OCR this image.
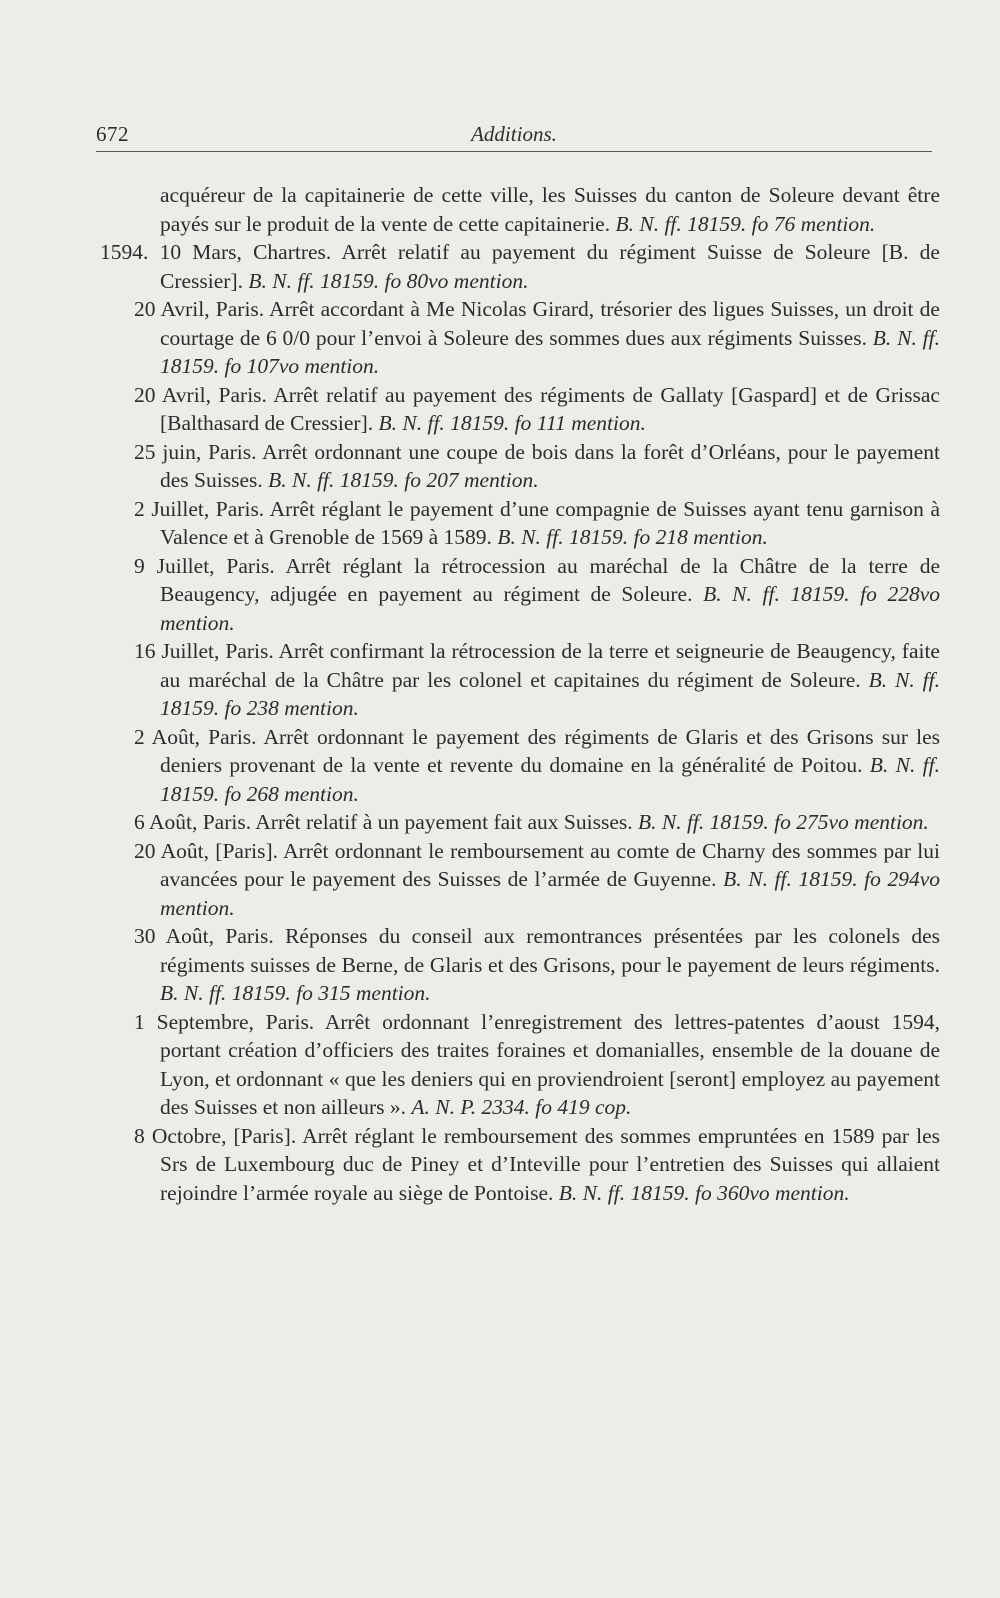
672	Additions.

acquéreur de la capitainerie de cette ville, les Suisses du canton de Soleure devant être payés sur le produit de la vente de cette capitainerie. B. N. ff. 18159. fo 76 mention.

1594. 10 Mars, Chartres. Arrêt relatif au payement du régiment Suisse de Soleure [B. de Cressier]. B. N. ff. 18159. fo 80vo mention.

20 Avril, Paris. Arrêt accordant à Me Nicolas Girard, trésorier des ligues Suisses, un droit de courtage de 6 0/0 pour l’envoi à Soleure des sommes dues aux régiments Suisses. B. N. ff. 18159. fo 107vo mention.

20 Avril, Paris. Arrêt relatif au payement des régiments de Gallaty [Gaspard] et de Grissac [Balthasard de Cressier]. B. N. ff. 18159. fo 111 mention.

25 juin, Paris. Arrêt ordonnant une coupe de bois dans la forêt d’Orléans, pour le payement des Suisses. B. N. ff. 18159. fo 207 mention.

2 Juillet, Paris. Arrêt réglant le payement d’une compagnie de Suisses ayant tenu garnison à Valence et à Grenoble de 1569 à 1589. B. N. ff. 18159. fo 218 mention.

9 Juillet, Paris. Arrêt réglant la rétrocession au maréchal de la Châtre de la terre de Beaugency, adjugée en payement au régiment de Soleure. B. N. ff. 18159. fo 228vo mention.

16 Juillet, Paris. Arrêt confirmant la rétrocession de la terre et seigneurie de Beaugency, faite au maréchal de la Châtre par les colonel et capitaines du régiment de Soleure. B. N. ff. 18159. fo 238 mention.

2 Août, Paris. Arrêt ordonnant le payement des régiments de Glaris et des Grisons sur les deniers provenant de la vente et revente du domaine en la généralité de Poitou. B. N. ff. 18159. fo 268 mention.

6 Août, Paris. Arrêt relatif à un payement fait aux Suisses. B. N. ff. 18159. fo 275vo mention.

20 Août, [Paris]. Arrêt ordonnant le remboursement au comte de Charny des sommes par lui avancées pour le payement des Suisses de l’armée de Guyenne. B. N. ff. 18159. fo 294vo mention.

30 Août, Paris. Réponses du conseil aux remontrances présentées par les colonels des régiments suisses de Berne, de Glaris et des Grisons, pour le payement de leurs régiments. B. N. ff. 18159. fo 315 mention.

1 Septembre, Paris. Arrêt ordonnant l’enregistrement des lettres-patentes d’aoust 1594, portant création d’officiers des traites foraines et domanialles, ensemble de la douane de Lyon, et ordonnant « que les deniers qui en proviendroient [seront] employez au payement des Suisses et non ailleurs ». A. N. P. 2334. fo 419 cop.

8 Octobre, [Paris]. Arrêt réglant le remboursement des sommes empruntées en 1589 par les Srs de Luxembourg duc de Piney et d’Inteville pour l’entretien des Suisses qui allaient rejoindre l’armée royale au siège de Pontoise. B. N. ff. 18159. fo 360vo mention.
